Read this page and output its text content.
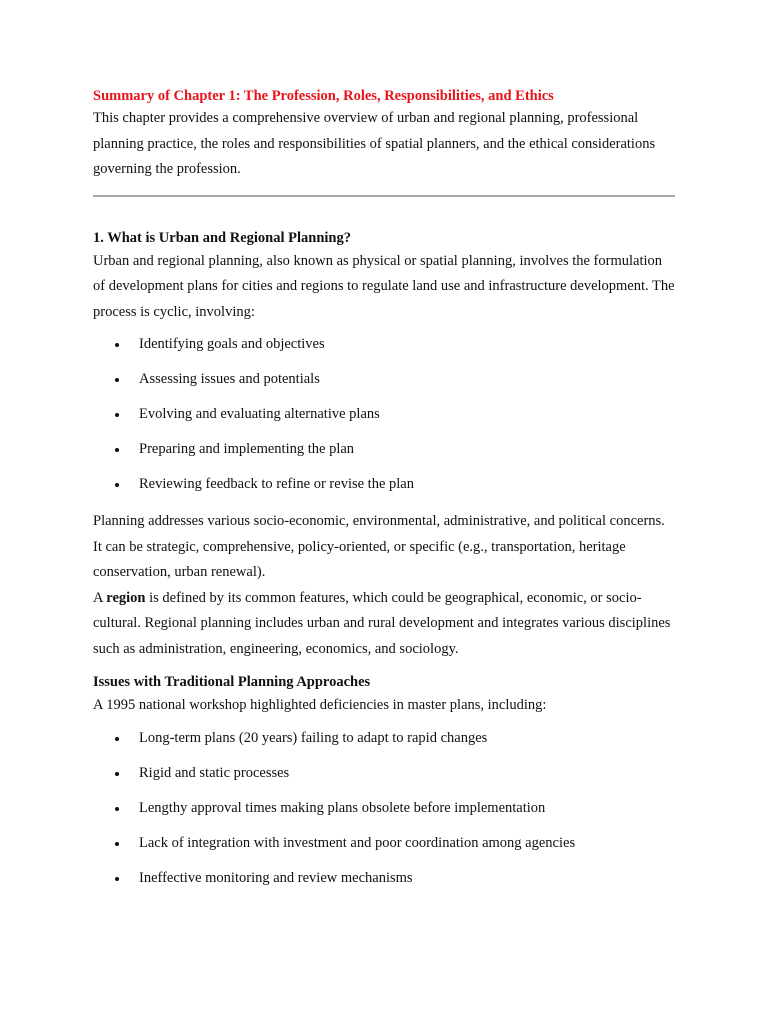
Summary of Chapter 1: The Profession, Roles, Responsibilities, and Ethics

This chapter provides a comprehensive overview of urban and regional planning, professional planning practice, the roles and responsibilities of spatial planners, and the ethical considerations governing the profession.

1. What is Urban and Regional Planning?

Urban and regional planning, also known as physical or spatial planning, involves the formulation of development plans for cities and regions to regulate land use and infrastructure development. The process is cyclic, involving:

Identifying goals and objectives
Assessing issues and potentials
Evolving and evaluating alternative plans
Preparing and implementing the plan
Reviewing feedback to refine or revise the plan

Planning addresses various socio-economic, environmental, administrative, and political concerns. It can be strategic, comprehensive, policy-oriented, or specific (e.g., transportation, heritage conservation, urban renewal).

A region is defined by its common features, which could be geographical, economic, or socio-cultural. Regional planning includes urban and rural development and integrates various disciplines such as administration, engineering, economics, and sociology.

Issues with Traditional Planning Approaches

A 1995 national workshop highlighted deficiencies in master plans, including:

Long-term plans (20 years) failing to adapt to rapid changes
Rigid and static processes
Lengthy approval times making plans obsolete before implementation
Lack of integration with investment and poor coordination among agencies
Ineffective monitoring and review mechanisms
